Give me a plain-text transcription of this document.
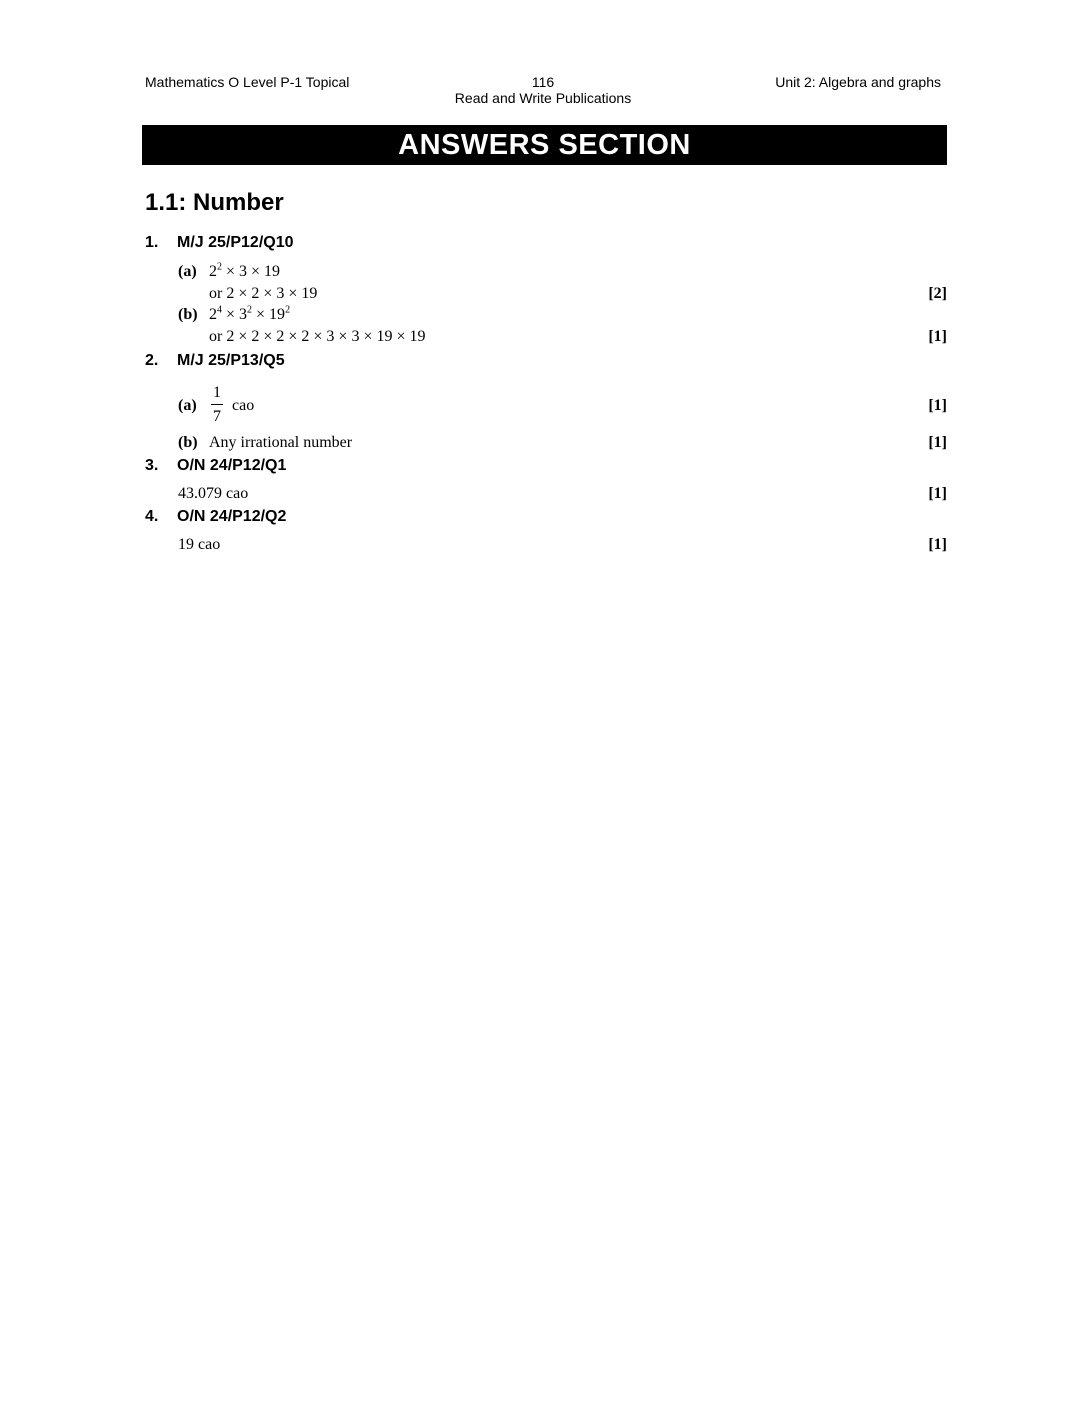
Mathematics O Level P-1 Topical	116
Read and Write Publications
Unit 2: Algebra and graphs
ANSWERS SECTION
1.1: Number
1. M/J 25/P12/Q10
(a) $2^2 \times 3 \times 19$
or 2 × 2 × 3 × 19	[2]
(b) $2^4 \times 3^2 \times 19^2$
or 2 × 2 × 2 × 2 × 3 × 3 × 19 × 19	[1]
2. M/J 25/P13/Q5
(a)
1
7
cao	[1]
(b) Any irrational number	[1]
3. O/N 24/P12/Q1
43.079 cao	[1]
4. O/N 24/P12/Q2
19 cao	[1]
